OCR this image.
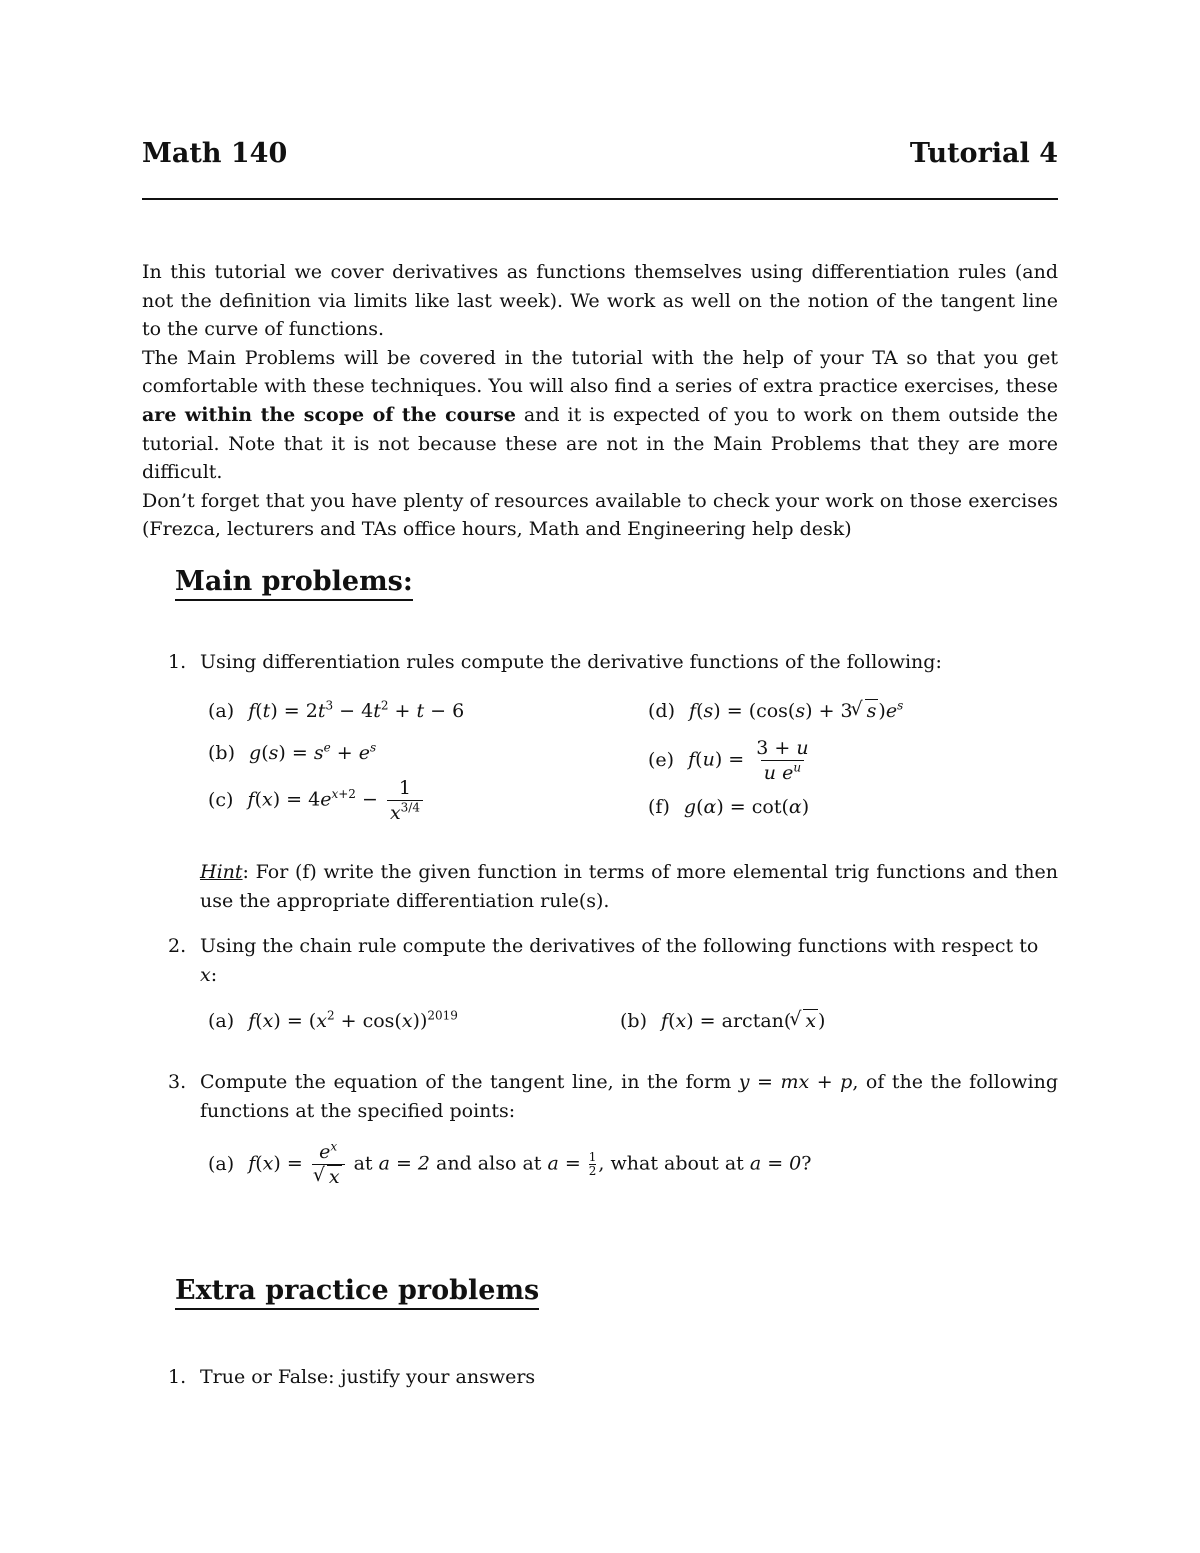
Math 140	Tutorial 4

In this tutorial we cover derivatives as functions themselves using differentiation rules (and not the definition via limits like last week). We work as well on the notion of the tangent line to the curve of functions.

The Main Problems will be covered in the tutorial with the help of your TA so that you get comfortable with these techniques. You will also find a series of extra practice exercises, these are within the scope of the course and it is expected of you to work on them outside the tutorial. Note that it is not because these are not in the Main Problems that they are more difficult.

Don’t forget that you have plenty of resources available to check your work on those exercises (Frezca, lecturers and TAs office hours, Math and Engineering help desk)

Main problems:
1. Using differentiation rules compute the derivative functions of the following:
(a) $f(t) = 2t^3 - 4t^2 + t - 6$
(b) $g(s) = s^e + e^s$
(c) $f(x) = 4e^{x+2} - \frac{1}{x^{3/4}}$
(d) f(s) = (cos(s) + 3 √ s )$e^s$
(e) $f(u) = \frac{3 + u}{u e^u}$
(f) g(α) = cot(α)
Hint: For (f) write the given function in terms of more elemental trig functions and then use the appropriate differentiation rule(s).
2. Using the chain rule compute the derivatives of the following functions with respect to
x:
(a) $f(x) = (x^2 + \cos(x))^{2019}$	(b) f(x) = arctan( √ x )
3. Compute the equation of the tangent line, in the form y = mx + p, of the the following functions at the specified points:
(a) $f(x) = e^x$
√ x at a = 2 and also at $a = \frac{1}{2}$ , what about at a = 0?
Extra practice problems
1. True or False: justify your answers
